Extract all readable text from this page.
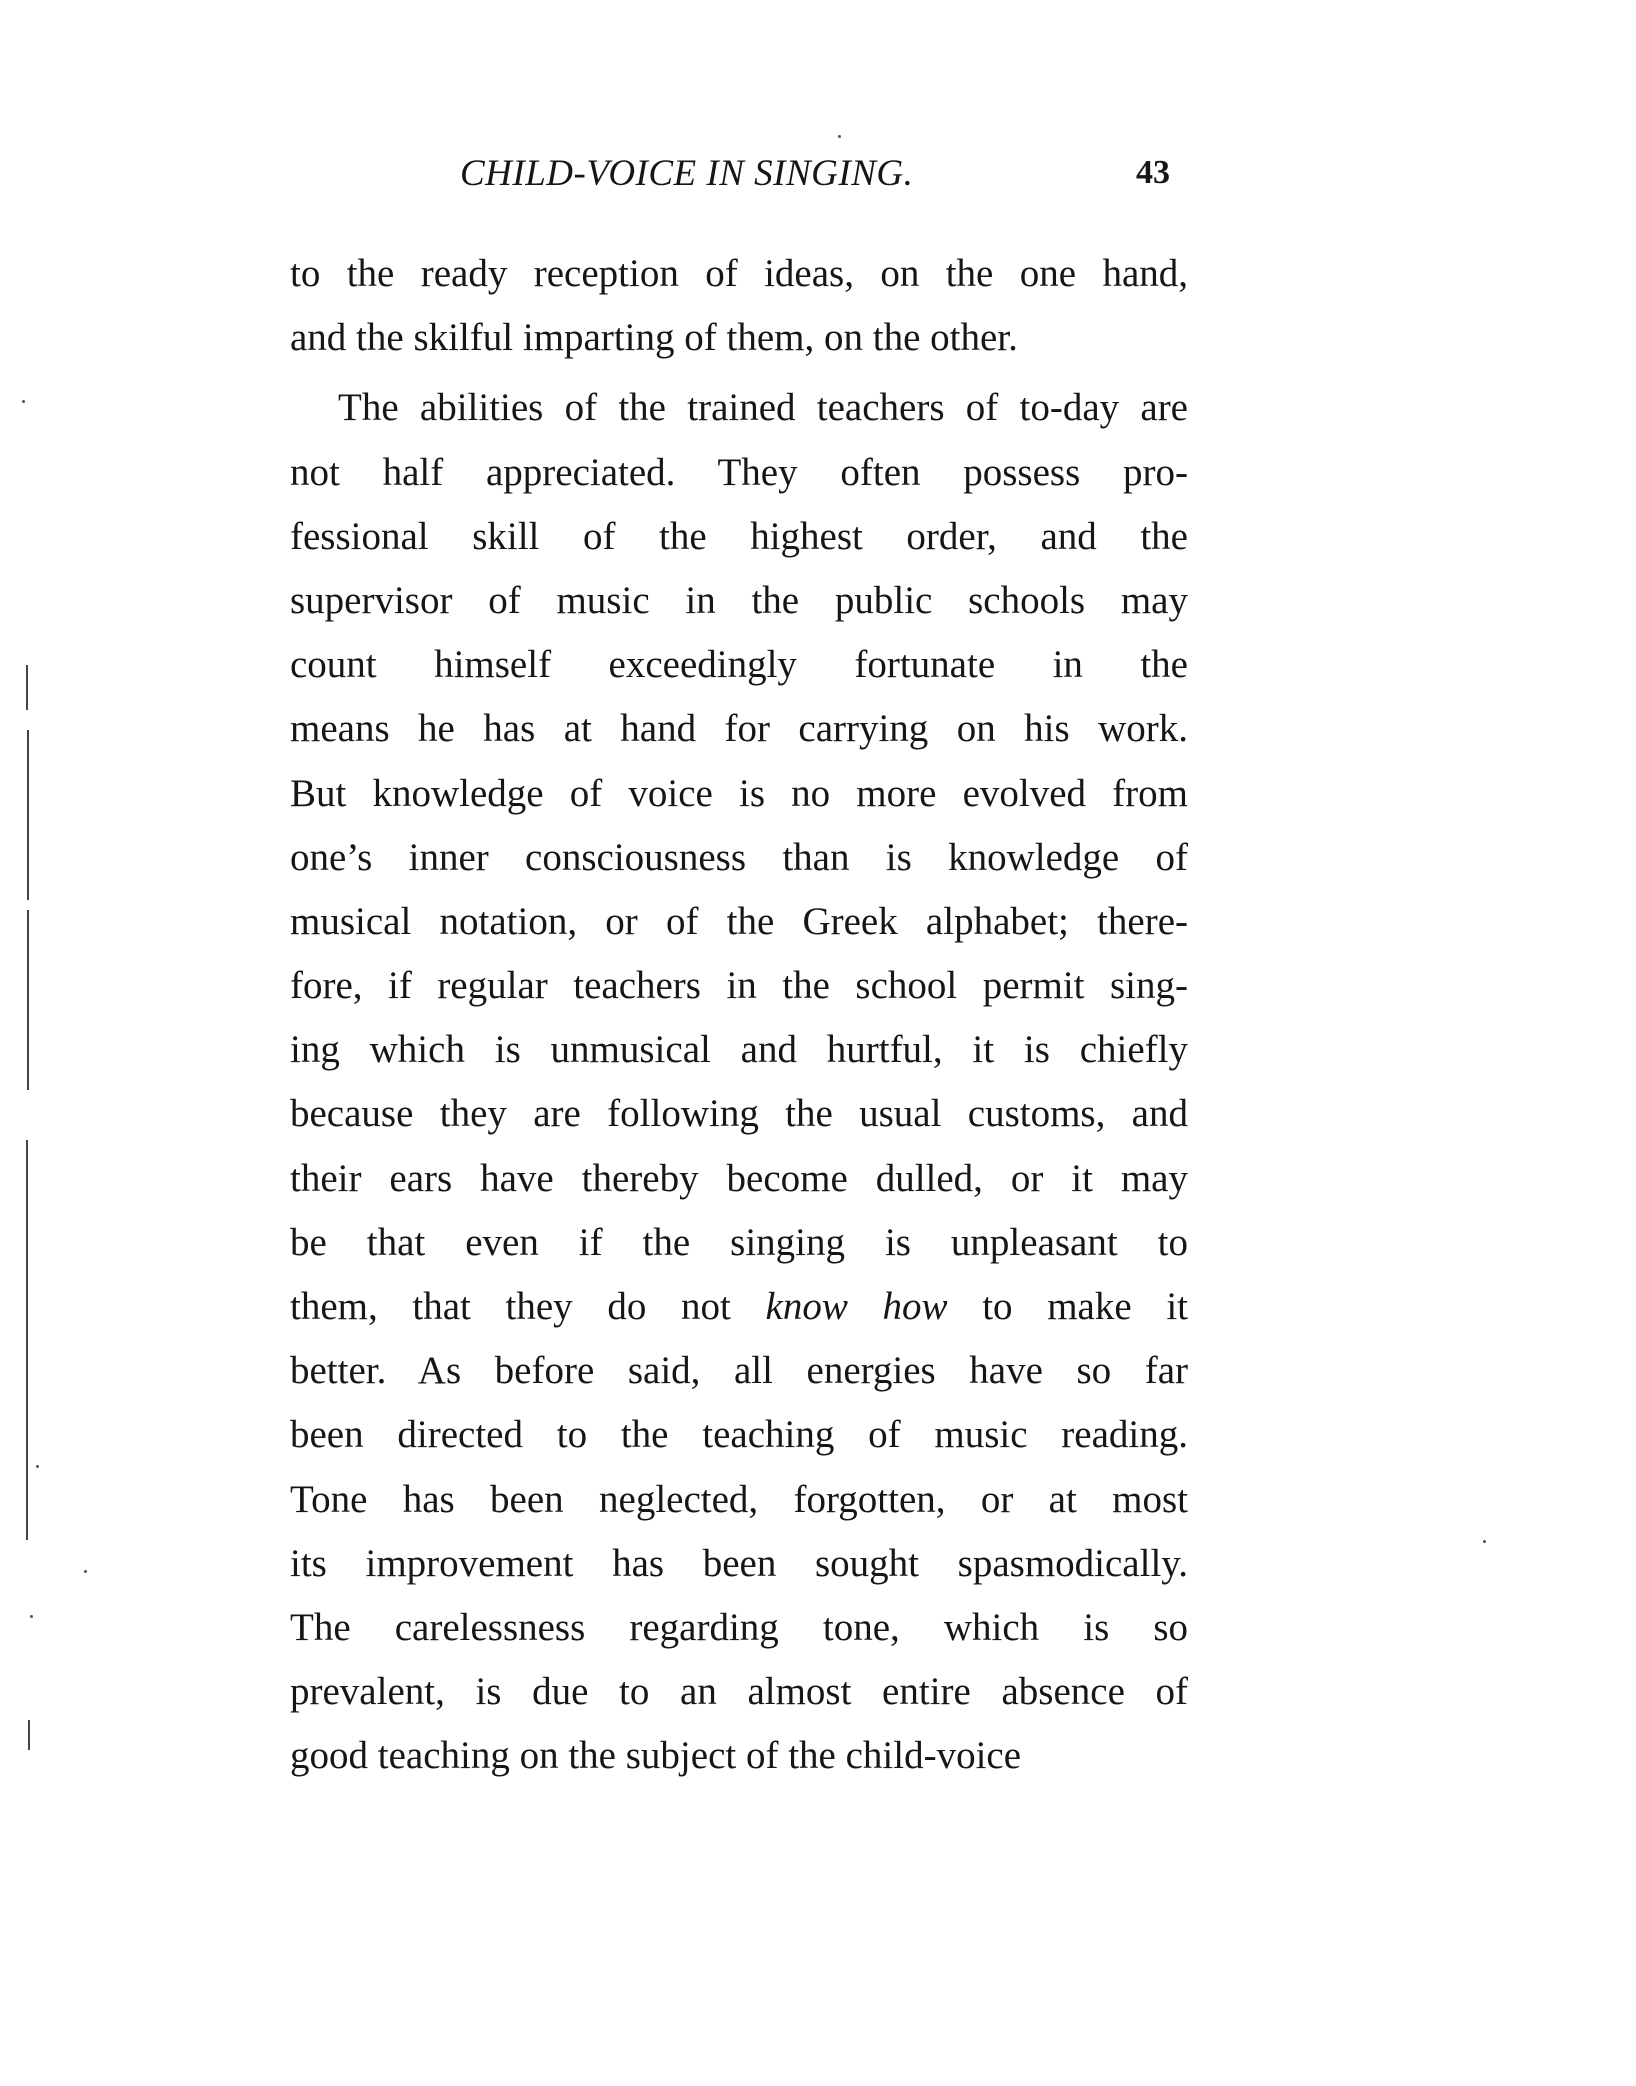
CHILD-VOICE IN SINGING.	43
to the ready reception of ideas, on the one hand,
and the skilful imparting of them, on the other.
The abilities of the trained teachers of to-day are
not half appreciated. They often possess pro-
fessional skill of the highest order, and the
supervisor of music in the public schools may
count himself exceedingly fortunate in the
means he has at hand for carrying on his work.
But knowledge of voice is no more evolved from
one’s inner consciousness than is knowledge of
musical notation, or of the Greek alphabet; there-
fore, if regular teachers in the school permit sing-
ing which is unmusical and hurtful, it is chiefly
because they are following the usual customs, and
their ears have thereby become dulled, or it may
be that even if the singing is unpleasant to
them, that they do not know how to make it
better. As before said, all energies have so far
been directed to the teaching of music reading.
Tone has been neglected, forgotten, or at most
its improvement has been sought spasmodically.
The carelessness regarding tone, which is so
prevalent, is due to an almost entire absence of
good teaching on the subject of the child-voice
